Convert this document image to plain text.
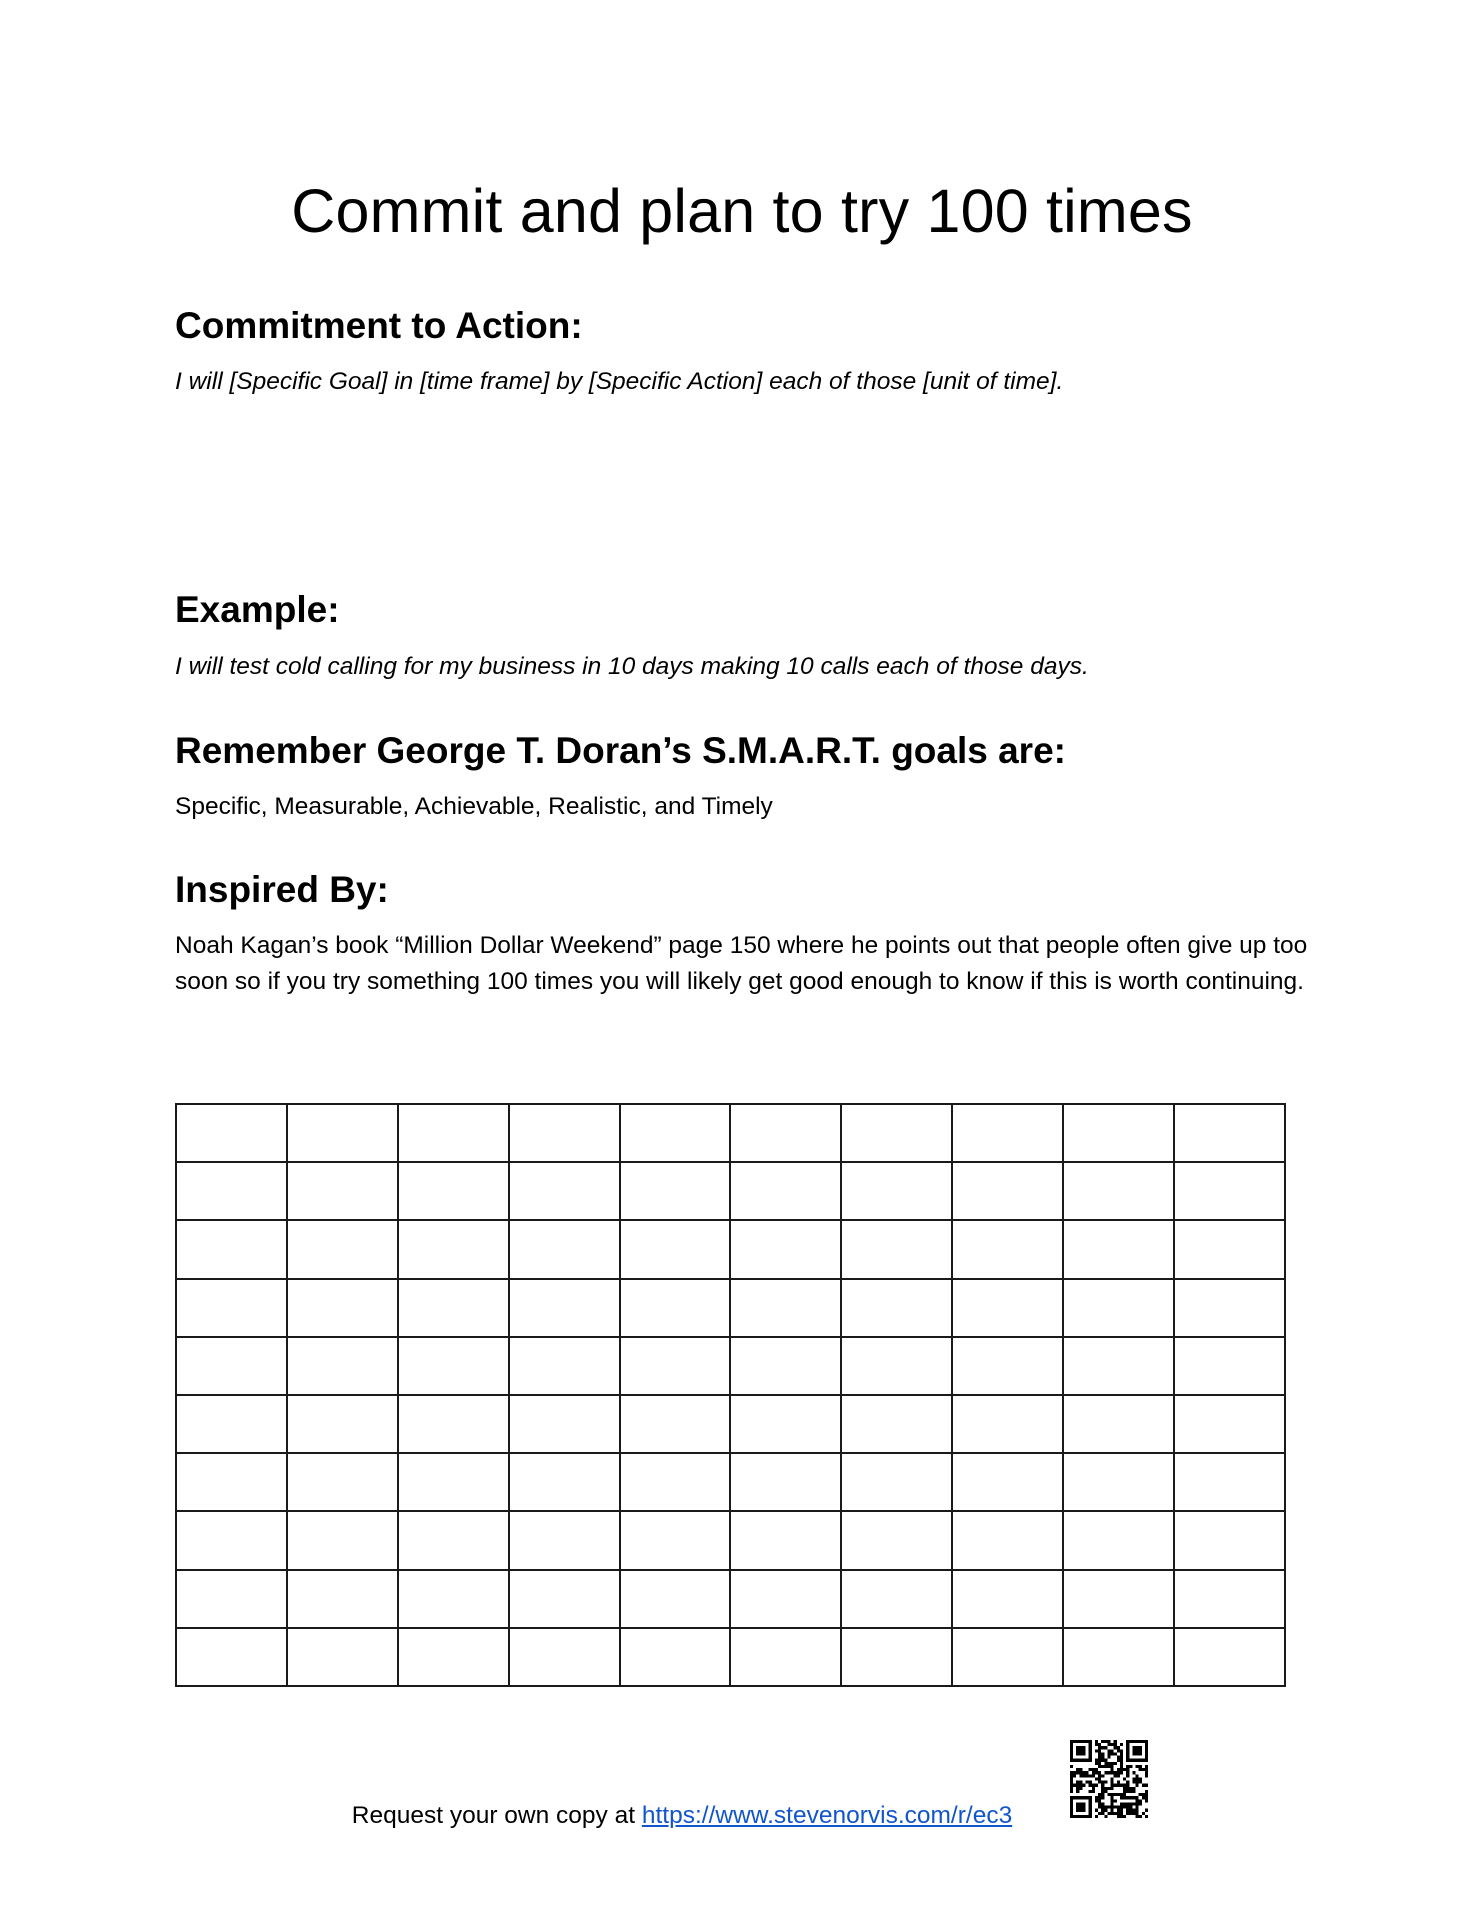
Commit and plan to try 100 times
Commitment to Action:

I will [Specific Goal] in [time frame] by [Specific Action] each of those [unit of time].

Example:

I will test cold calling for my business in 10 days making 10 calls each of those days.

Remember George T. Doran’s S.M.A.R.T. goals are:

Specific, Measurable, Achievable, Realistic, and Timely

Inspired By:

Noah Kagan’s book “Million Dollar Weekend” page 150 where he points out that people often give up too soon so if you try something 100 times you will likely get good enough to know if this is worth continuing.

Request your own copy at https://www.stevenorvis.com/r/ec3
